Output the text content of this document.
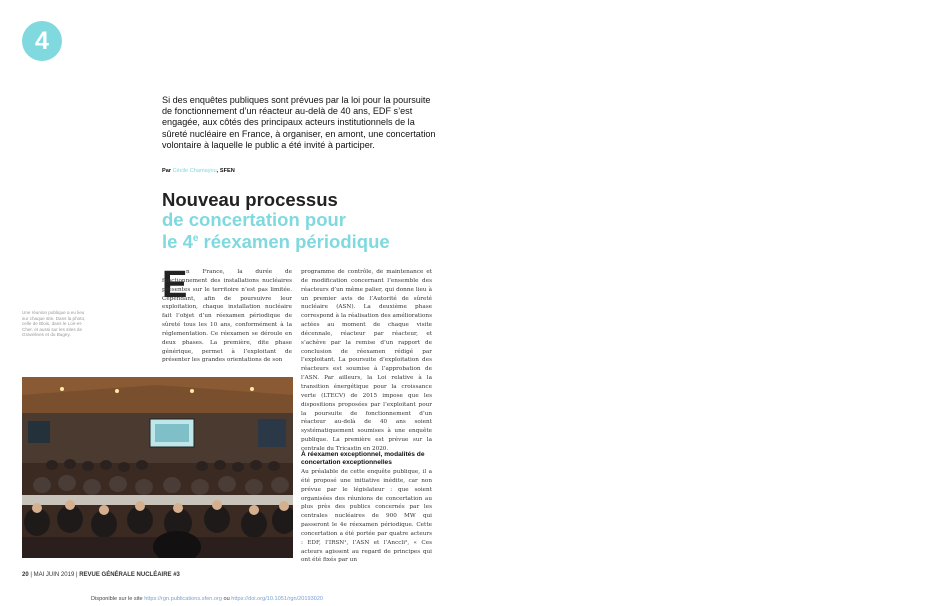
4

Si des enquêtes publiques sont prévues par la loi pour la poursuite de fonctionnement d’un réacteur au-delà de 40 ans, EDF s’est engagée, aux côtés des principaux acteurs institutionnels de la sûreté nucléaire en France, à organiser, en amont, une concertation volontaire à laquelle le public a été invité à participer.

Par Cécile Chamayou, SFEN
Nouveau processus
de concertation pour
le 4e réexamen périodique

Une réunion publique a eu lieu sur chaque site. Dans la photo, celle de Blois, dans le Loir-et-Cher, et aussi sur les sites de Gravelines et du Bugey.

E

n France, la durée de fonctionnement des installations nucléaires présentes sur le territoire n’est pas limitée. Cependant, afin de poursuivre leur exploitation, chaque installation nucléaire fait l’objet d’un réexamen périodique de sûreté tous les 10 ans, conformément à la réglementation. Ce réexamen se déroule en deux phases. La première, dite phase générique, permet à l’exploitant de présenter les grandes orientations de son

programme de contrôle, de maintenance et de modification concernant l’ensemble des réacteurs d’un même palier, qui donne lieu à un premier avis de l’Autorité de sûreté nucléaire (ASN). La deuxième phase correspond à la réalisation des améliorations actées au moment de chaque visite décennale, réacteur par réacteur, et s’achève par la remise d’un rapport de conclusion de réexamen rédigé par l’exploitant. La poursuite d’exploitation des réacteurs est soumise à l’approbation de l’ASN. Par ailleurs, la Loi relative à la transition énergétique pour la croissance verte (LTECV) de 2015 impose que les dispositions proposées par l’exploitant pour la poursuite de fonctionnement d’un réacteur au-delà de 40 ans soient systématiquement soumises à une enquête publique. La première est prévue sur la centrale du Tricastin en 2020.

À réexamen exceptionnel, modalités de concertation exceptionnelles

Au préalable de cette enquête publique, il a été proposé une initiative inédite, car non prévue par le législateur : que soient organisées des réunions de concertation au plus près des publics concernés par les centrales nucléaires de 900 MW qui passeront le 4e réexamen périodique. Cette concertation a été portée par quatre acteurs : EDF, l’IRSN¹, l’ASN et l’Anccli², « Ces acteurs agissent au regard de principes qui ont été fixés par un

20 | MAI JUIN 2019 | REVUE GÉNÉRALE NUCLÉAIRE #3
Disponible sur le site https://rgn.publications.sfen.org ou https://doi.org/10.1051/rgn/20193020
